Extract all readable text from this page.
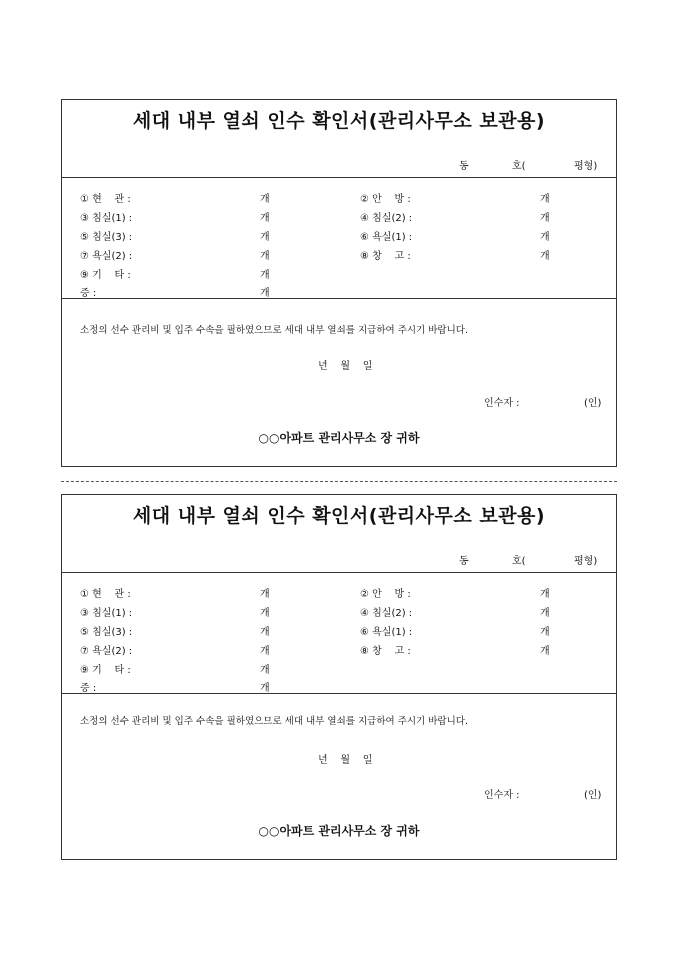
세대 내부 열쇠 인수 확인서(관리사무소 보관용)
동	호(	평형)
① 현    관 :	개	② 안    방 :	개
③ 침실(1) :	개	④ 침실(2) :	개
⑤ 침실(3) :	개	⑥ 욕실(1) :	개
⑦ 욕실(2) :	개	⑧ 창    고 :	개
⑨ 기    타 :	개
증 :	개
소정의 선수 관리비 및 입주 수속을 필하였으므로 세대 내부 열쇠를 지급하여 주시기 바랍니다.
년    월    일
인수자 :	(인)
○○아파트 관리사무소 장 귀하
세대 내부 열쇠 인수 확인서(관리사무소 보관용)
동	호(	평형)
① 현    관 :	개	② 안    방 :	개
③ 침실(1) :	개	④ 침실(2) :	개
⑤ 침실(3) :	개	⑥ 욕실(1) :	개
⑦ 욕실(2) :	개	⑧ 창    고 :	개
⑨ 기    타 :	개
증 :	개
소정의 선수 관리비 및 입주 수속을 필하였으므로 세대 내부 열쇠를 지급하여 주시기 바랍니다.
년    월    일
인수자 :	(인)
○○아파트 관리사무소 장 귀하
